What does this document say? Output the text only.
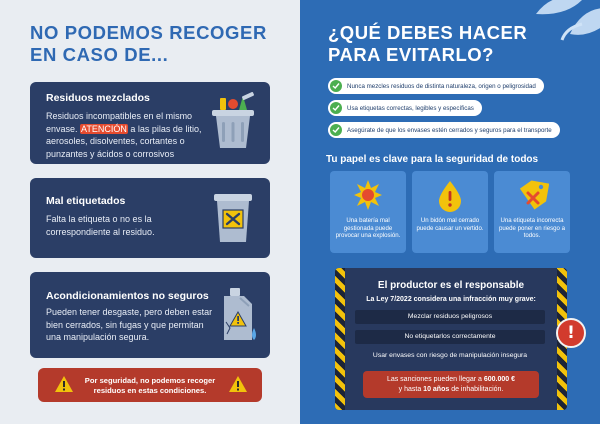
NO PODEMOS RECOGER EN CASO DE...
Residuos mezclados
Residuos incompatibles en el mismo envase. ATENCIÓN a las pilas de litio, aerosoles, disolventes, cortantes o punzantes y ácidos o corrosivos
Mal etiquetados
Falta la etiqueta o no es la correspondiente al residuo.
Acondicionamientos no seguros
Pueden tener desgaste, pero deben estar bien cerrados, sin fugas y que permitan una manipulación segura.
Por seguridad, no podemos recoger residuos en estas condiciones.
¿QUÉ DEBES HACER PARA EVITARLO?
Nunca mezcles residuos de distinta naturaleza, origen o peligrosidad
Usa etiquetas correctas, legibles y específicas
Asegúrate de que los envases estén cerrados y seguros para el transporte
Tu papel es clave para la seguridad de todos
Una batería mal gestionada puede provocar una explosión.
Un bidón mal cerrado puede causar un vertido.
Una etiqueta incorrecta puede poner en riesgo a todos.
El productor es el responsable
La Ley 7/2022 considera una infracción muy grave:
Mezclar residuos peligrosos
No etiquetarlos correctamente
Usar envases con riesgo de manipulación insegura
Las sanciones pueden llegar a 600.000 €
y hasta 10 años de inhabilitación.
!
